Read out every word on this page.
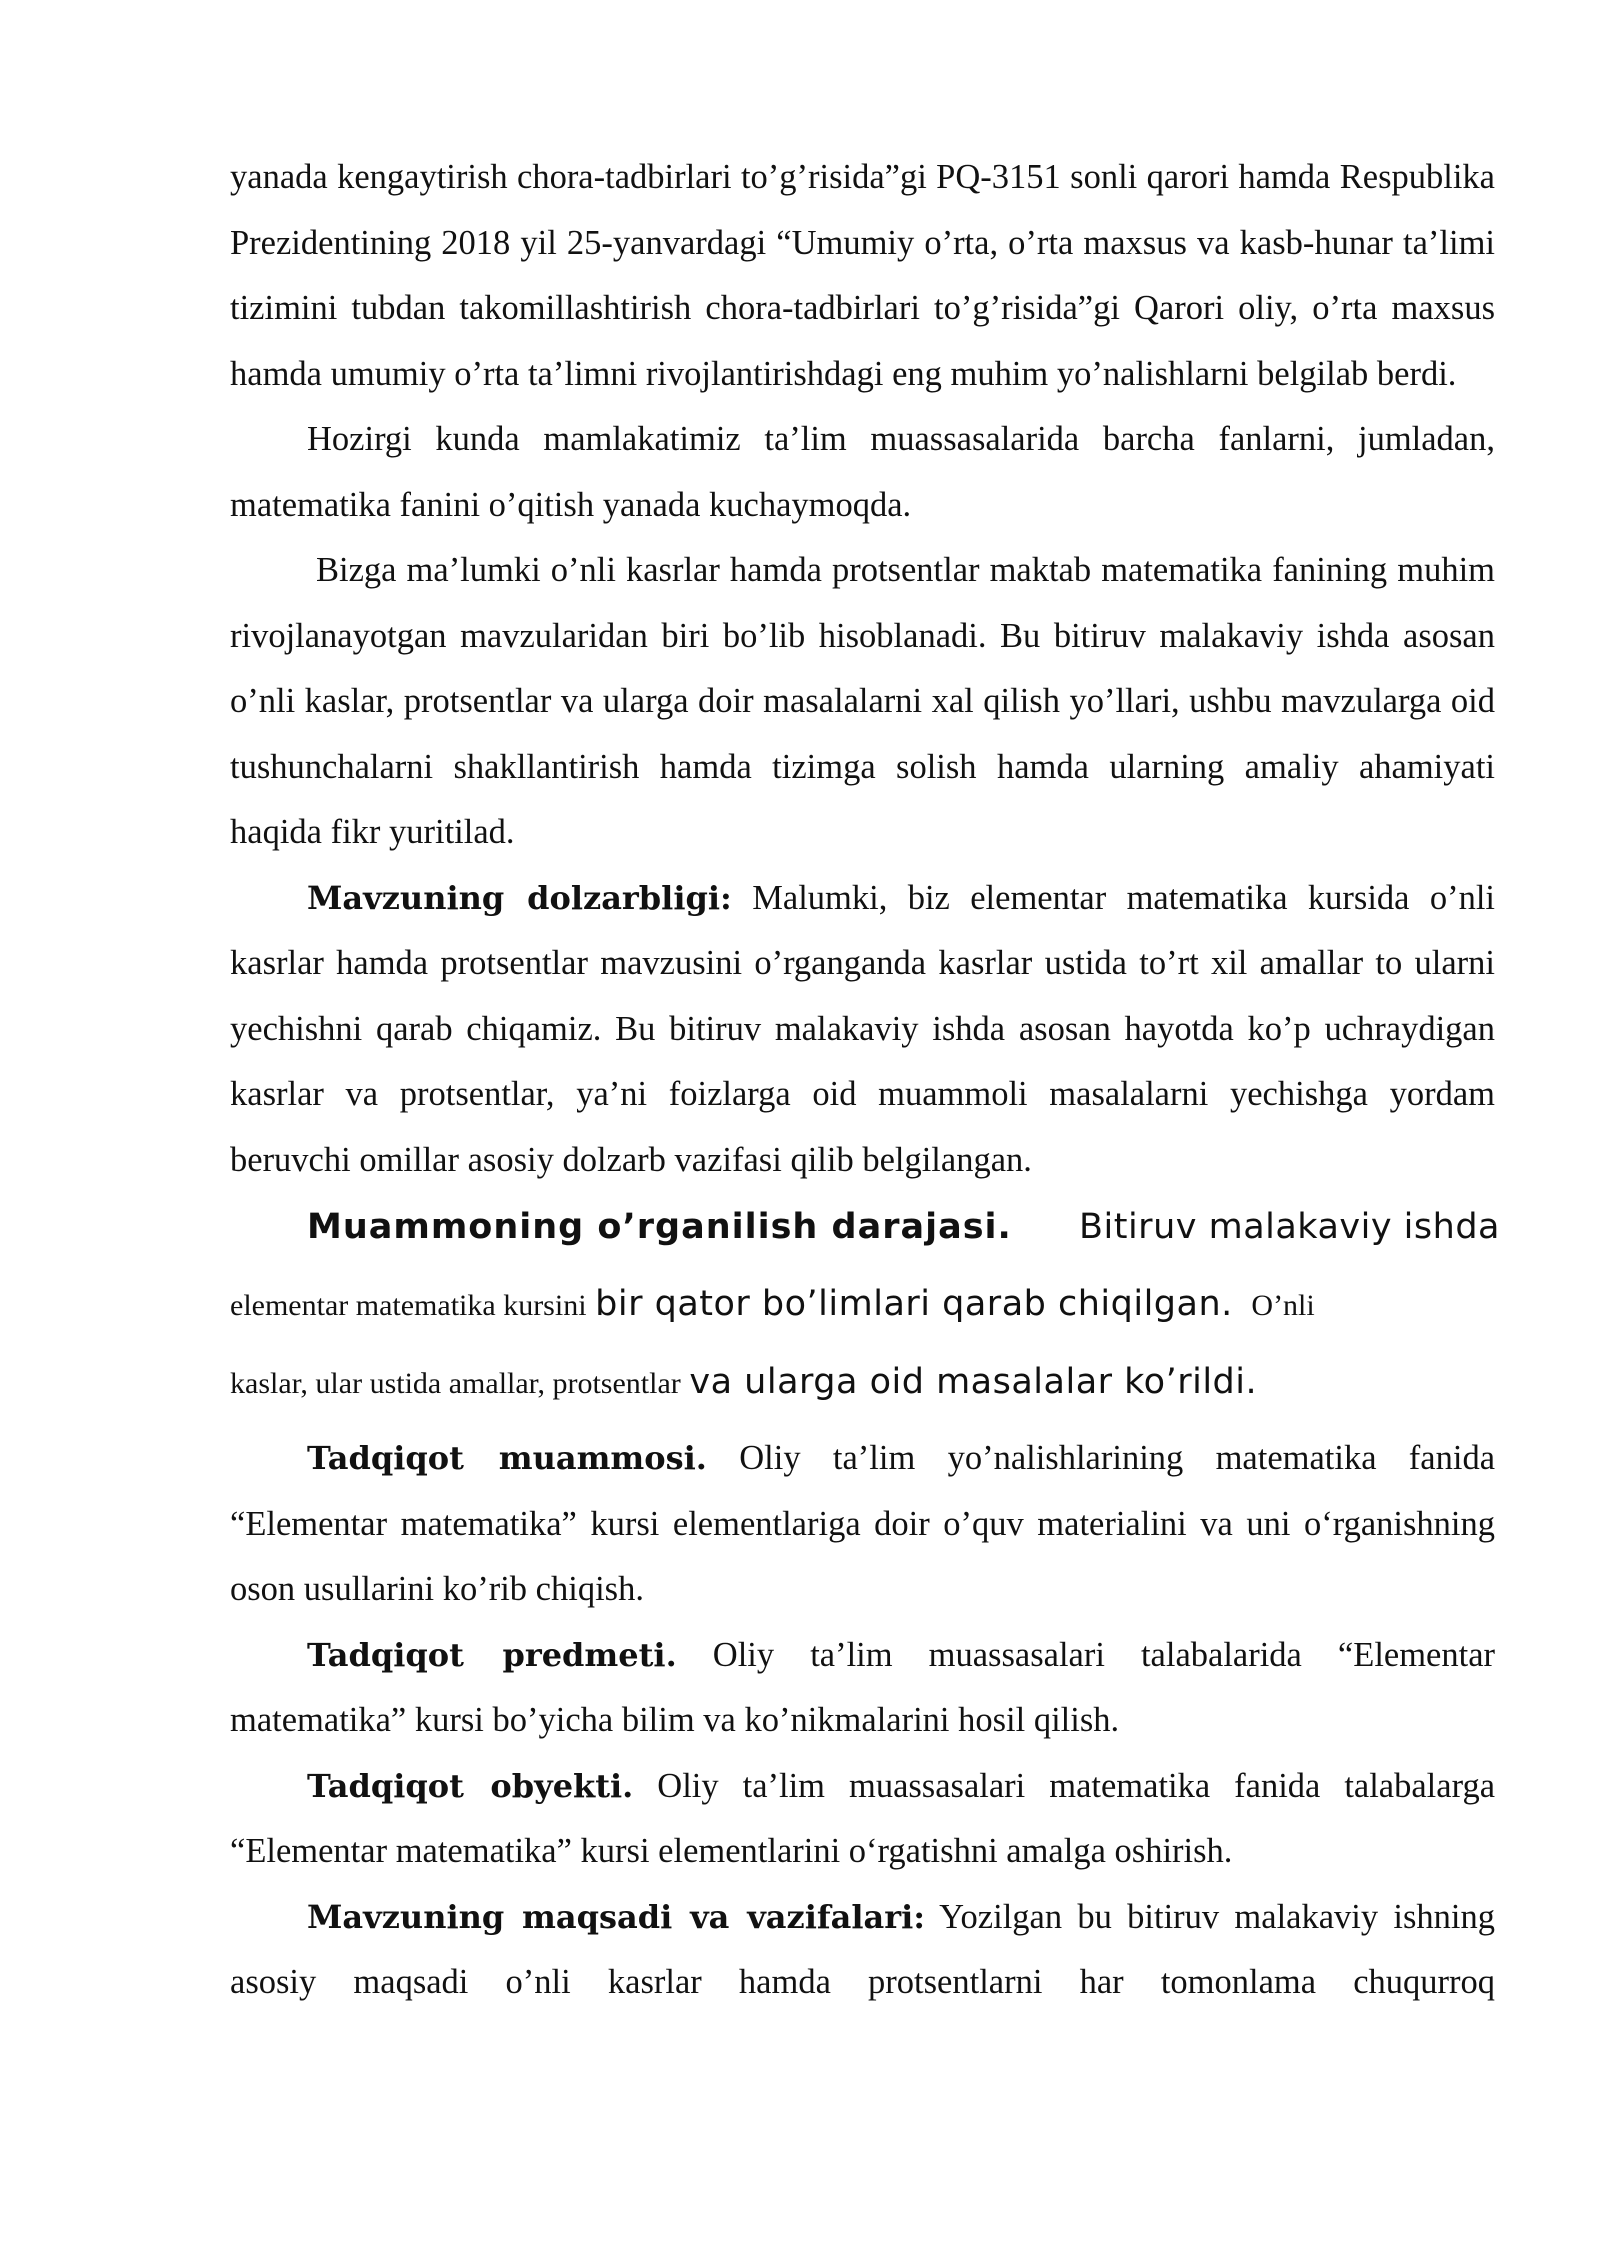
yanada kengaytirish chora-tadbirlari to’g’risida”gi PQ-3151 sonli qarori hamda Respublika Prezidentining 2018 yil 25-yanvardagi “Umumiy o’rta, o’rta maxsus va kasb-hunar ta’limi tizimini tubdan takomillashtirish chora-tadbirlari to’g’risida”gi Qarori oliy, o’rta maxsus hamda umumiy o’rta ta’limni rivojlantirishdagi eng muhim yo’nalishlarni belgilab berdi.

Hozirgi kunda mamlakatimiz ta’lim muassasalarida barcha fanlarni, jumladan, matematika fanini o’qitish yanada kuchaymoqda.

Bizga ma’lumki o’nli kasrlar hamda protsentlar maktab matematika fanining muhim rivojlanayotgan mavzularidan biri bo’lib hisoblanadi. Bu bitiruv malakaviy ishda asosan o’nli kaslar, protsentlar va ularga doir masalalarni xal qilish yo’llari, ushbu mavzularga oid tushunchalarni shakllantirish hamda tizimga solish hamda ularning amaliy ahamiyati haqida fikr yuritilad.

Mavzuning dolzarbligi: Malumki, biz elementar matematika kursida o’nli kasrlar hamda protsentlar mavzusini o’rganganda kasrlar ustida to’rt xil amallar to ularni yechishni qarab chiqamiz. Bu bitiruv malakaviy ishda asosan hayotda ko’p uchraydigan kasrlar va protsentlar, ya’ni foizlarga oid muammoli masalalarni yechishga yordam beruvchi omillar asosiy dolzarb vazifasi qilib belgilangan.

Muammoning o’rganilish darajasi. Bitiruv malakaviy ishda
elementar matematika kursini bir qator bo’limlari qarab chiqilgan. O’nli
kaslar, ular ustida amallar, protsentlar va ularga oid masalalar ko’rildi.

Tadqiqot muammosi. Oliy ta’lim yo’nalishlarining matematika fanida “Elementar matematika” kursi elementlariga doir o’quv materialini va uni o‘rganishning oson usullarini ko’rib chiqish.

Tadqiqot predmeti. Oliy ta’lim muassasalari talabalarida “Elementar matematika” kursi bo’yicha bilim va ko’nikmalarini hosil qilish.

Tadqiqot obyekti. Oliy ta’lim muassasalari matematika fanida talabalarga “Elementar matematika” kursi elementlarini o‘rgatishni amalga oshirish.

Mavzuning maqsadi va vazifalari: Yozilgan bu bitiruv malakaviy ishning asosiy maqsadi o’nli kasrlar hamda protsentlarni har tomonlama chuqurroq
